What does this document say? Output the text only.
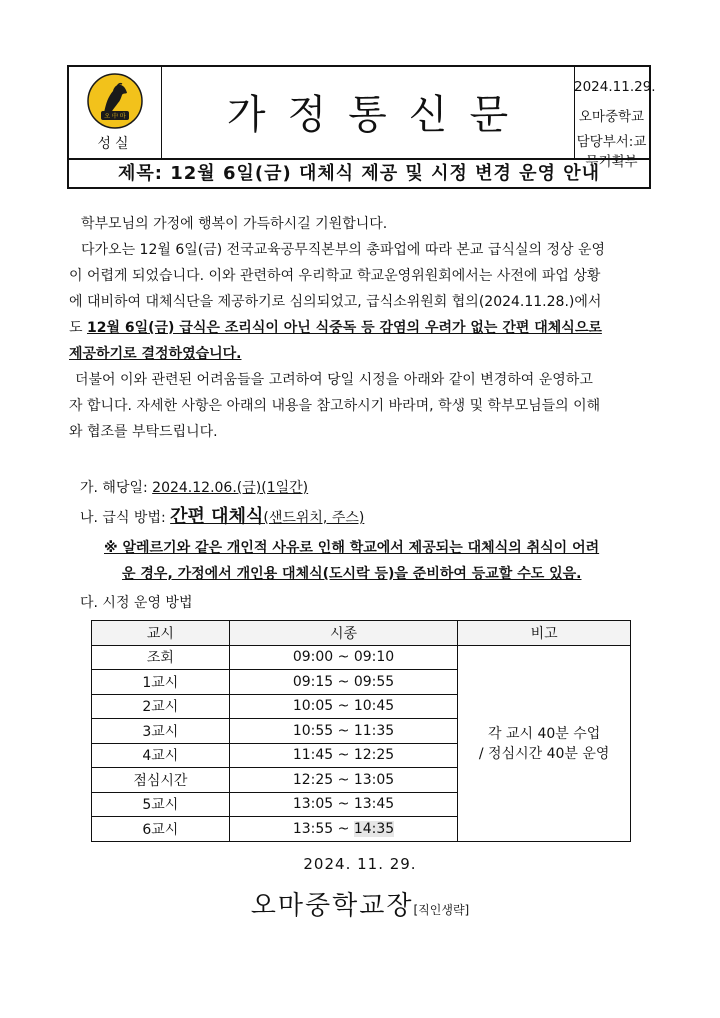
오 中 마
성실
가정통신문
2024.11.29.
오마중학교
담당부서:교무기획부
제목: 12월 6일(금) 대체식 제공 및 시정 변경 운영 안내

학부모님의 가정에 행복이 가득하시길 기원합니다.

다가오는 12월 6일(금) 전국교육공무직본부의 총파업에 따라 본교 급식실의 정상 운영

이 어렵게 되었습니다. 이와 관련하여 우리학교 학교운영위원회에서는 사전에 파업 상황

에 대비하여 대체식단을 제공하기로 심의되었고, 급식소위원회 협의(2024.11.28.)에서

도 12월 6일(금) 급식은 조리식이 아닌 식중독 등 감염의 우려가 없는 간편 대체식으로

제공하기로 결정하였습니다.

더불어 이와 관련된 어려움들을 고려하여 당일 시정을 아래와 같이 변경하여 운영하고

자 합니다. 자세한 사항은 아래의 내용을 참고하시기 바라며, 학생 및 학부모님들의 이해

와 협조를 부탁드립니다.

가. 해당일: 2024.12.06.(금)(1일간)
나. 급식 방법: 간편 대체식(샌드위치, 주스)
※ 알레르기와 같은 개인적 사유로 인해 학교에서 제공되는 대체식의 취식이 어려
운 경우, 가정에서 개인용 대체식(도시락 등)을 준비하여 등교할 수도 있음.
다. 시정 운영 방법
교시	시종	비고
조회	09:00 ~ 09:10	각 교시 40분 수업
/ 정심시간 40분 운영

1교시	09:15 ~ 09:55	
2교시	10:05 ~ 10:45	
3교시	10:55 ~ 11:35	
4교시	11:45 ~ 12:25	
점심시간	12:25 ~ 13:05	
5교시	13:05 ~ 13:45	
6교시	13:55 ~ 14:35	
2024. 11. 29.
오마중학교장[직인생략]
